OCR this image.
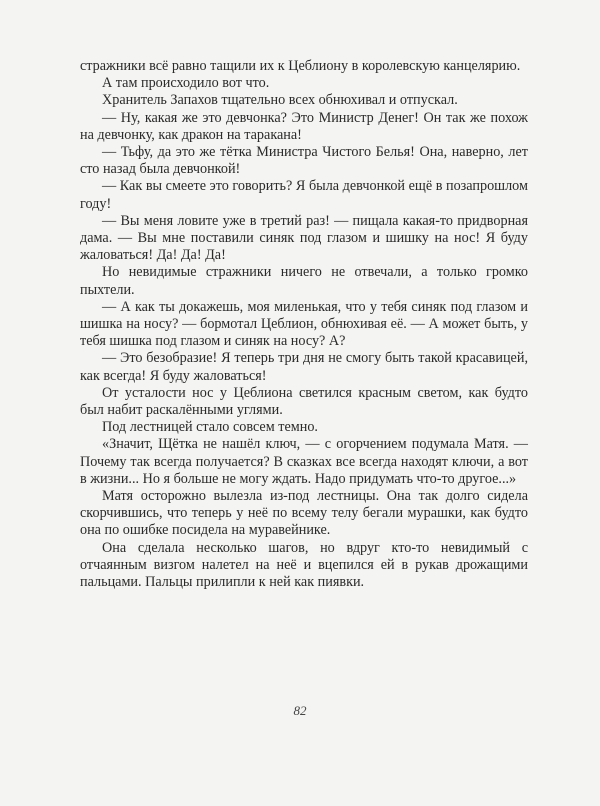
стражники всё равно тащили их к Цеблиону в королевскую канцелярию.

А там происходило вот что.

Хранитель Запахов тщательно всех обнюхивал и отпускал.

— Ну, какая же это девчонка? Это Министр Денег! Он так же похож на девчонку, как дракон на таракана!

— Тьфу, да это же тётка Министра Чистого Белья! Она, наверно, лет сто назад была девчонкой!

— Как вы смеете это говорить? Я была девчонкой ещё в позапрошлом году!

— Вы меня ловите уже в третий раз! — пищала какая-то придворная дама. — Вы мне поставили синяк под глазом и шишку на нос! Я буду жаловаться! Да! Да! Да!

Но невидимые стражники ничего не отвечали, а только громко пыхтели.

— А как ты докажешь, моя миленькая, что у тебя синяк под глазом и шишка на носу? — бормотал Цеблион, обнюхивая её. — А может быть, у тебя шишка под глазом и синяк на носу? А?

— Это безобразие! Я теперь три дня не смогу быть такой красавицей, как всегда! Я буду жаловаться!

От усталости нос у Цеблиона светился красным светом, как будто был набит раскалёнными углями.

Под лестницей стало совсем темно.

«Значит, Щётка не нашёл ключ, — с огорчением подумала Матя. — Почему так всегда получается? В сказках все всегда находят ключи, а вот в жизни... Но я больше не могу ждать. Надо придумать что-то другое...»

Матя осторожно вылезла из-под лестницы. Она так долго сидела скорчившись, что теперь у неё по всему телу бегали мурашки, как будто она по ошибке посидела на муравейнике.

Она сделала несколько шагов, но вдруг кто-то невидимый с отчаянным визгом налетел на неё и вцепился ей в рукав дрожащими пальцами. Пальцы прилипли к ней как пиявки.

82
